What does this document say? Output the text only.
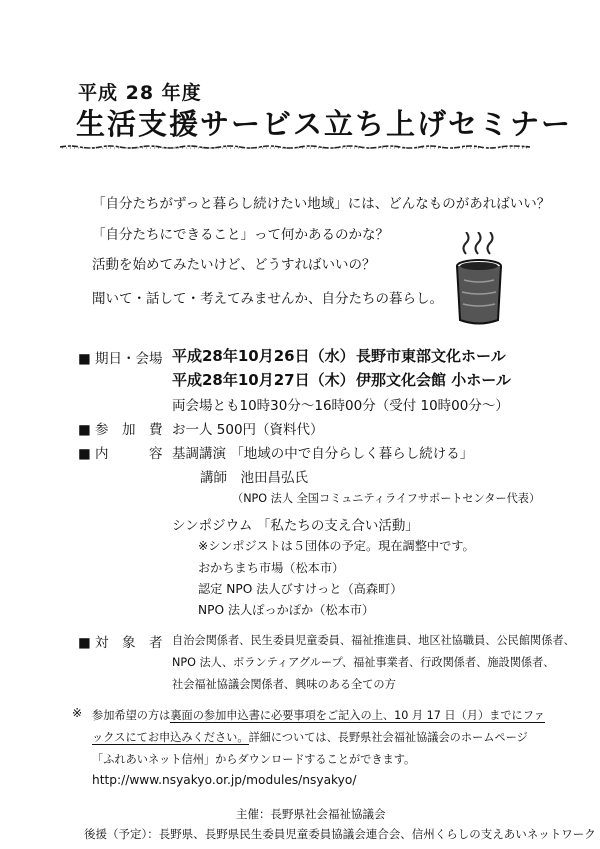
平成 28 年度
生活支援サービス立ち上げセミナー
「自分たちがずっと暮らし続けたい地域」には、どんなものがあればいい？
「自分たちにできること」って何かあるのかな？
活動を始めてみたいけど、どうすればいいの？
聞いて・話して・考えてみませんか、自分たちの暮らし。
■ 期日・会場 平成28年10月26日（水） 長野市東部文化ホール
平成28年10月27日（木） 伊那文化会館 小ホール
両会場とも10時30分～16時00分（受付 10時00分～）
■ 参　加　費 お一人 500円（資料代）
■ 内　　　容 基調講演 「地域の中で自分らしく暮らし続ける」
講師　池田昌弘氏
（NPO 法人 全国コミュニティライフサポートセンター代表）
シンポジウム 「私たちの支え合い活動」
※シンポジストは５団体の予定。現在調整中です。
おかちまち市場（松本市）
認定 NPO 法人びすけっと（高森町）
NPO 法人ぽっかぽか（松本市）
■ 対　象　者 自治会関係者、民生委員児童委員、福祉推進員、地区社協職員、公民館関係者、
NPO 法人、ボランティアグループ、福祉事業者、行政関係者、施設関係者、
社会福祉協議会関係者、興味のある全ての方
※ 参加希望の方は裏面の参加申込書に必要事項をご記入の上、10 月 17 日（月）までにファ
ックスにてお申込みください。詳細については、長野県社会福祉協議会のホームページ
「ふれあいネット信州」からダウンロードすることができます。
http://www.nsyakyo.or.jp/modules/nsyakyo/
主催：長野県社会福祉協議会
後援（予定）：長野県、長野県民生委員児童委員協議会連合会、信州くらしの支えあいネットワーク
